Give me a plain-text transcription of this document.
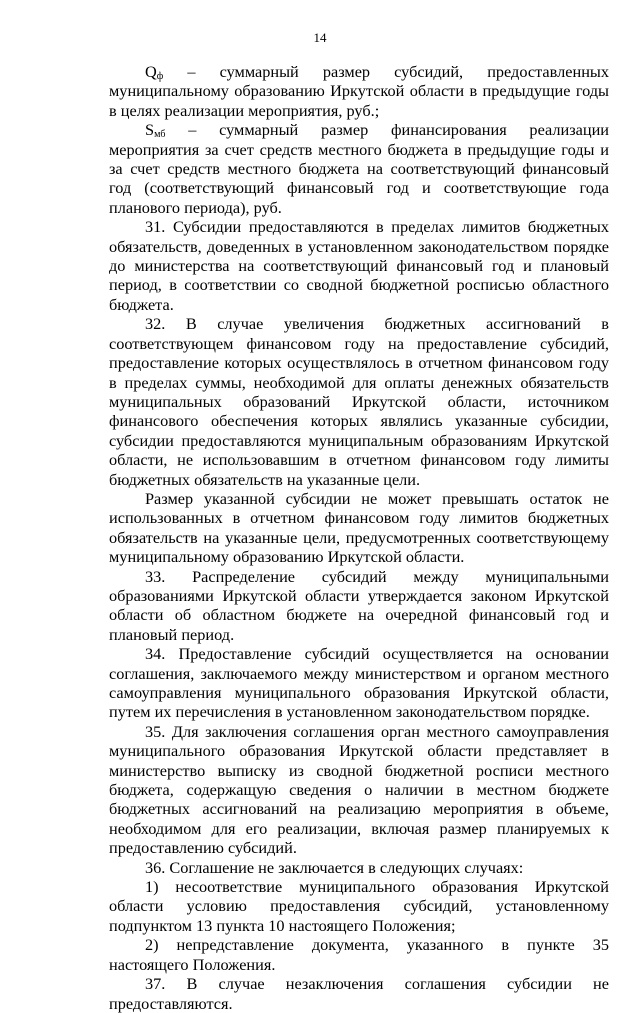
14

$Q_ф$ – суммарный размер субсидий, предоставленных муниципальному образованию Иркутской области в предыдущие годы в целях реализации мероприятия, руб.;

$S_{мб}$ – суммарный размер финансирования реализации мероприятия за счет средств местного бюджета в предыдущие годы и за счет средств местного бюджета на соответствующий финансовый год (соответствующий финансовый год и соответствующие года планового периода), руб.

31. Субсидии предоставляются в пределах лимитов бюджетных обязательств, доведенных в установленном законодательством порядке до министерства на соответствующий финансовый год и плановый период, в соответствии со сводной бюджетной росписью областного бюджета.

32. В случае увеличения бюджетных ассигнований в соответствующем финансовом году на предоставление субсидий, предоставление которых осуществлялось в отчетном финансовом году в пределах суммы, необходимой для оплаты денежных обязательств муниципальных образований Иркутской области, источником финансового обеспечения которых являлись указанные субсидии, субсидии предоставляются муниципальным образованиям Иркутской области, не использовавшим в отчетном финансовом году лимиты бюджетных обязательств на указанные цели.

Размер указанной субсидии не может превышать остаток не использованных в отчетном финансовом году лимитов бюджетных обязательств на указанные цели, предусмотренных соответствующему муниципальному образованию Иркутской области.

33. Распределение субсидий между муниципальными образованиями Иркутской области утверждается законом Иркутской области об областном бюджете на очередной финансовый год и плановый период.

34. Предоставление субсидий осуществляется на основании соглашения, заключаемого между министерством и органом местного самоуправления муниципального образования Иркутской области, путем их перечисления в установленном законодательством порядке.

35. Для заключения соглашения орган местного самоуправления муниципального образования Иркутской области представляет в министерство выписку из сводной бюджетной росписи местного бюджета, содержащую сведения о наличии в местном бюджете бюджетных ассигнований на реализацию мероприятия в объеме, необходимом для его реализации, включая размер планируемых к предоставлению субсидий.

36. Соглашение не заключается в следующих случаях:

1) несоответствие муниципального образования Иркутской области условию предоставления субсидий, установленному подпунктом 13 пункта 10 настоящего Положения;

2) непредставление документа, указанного в пункте 35 настоящего Положения.

37. В случае незаключения соглашения субсидии не предоставляются.
